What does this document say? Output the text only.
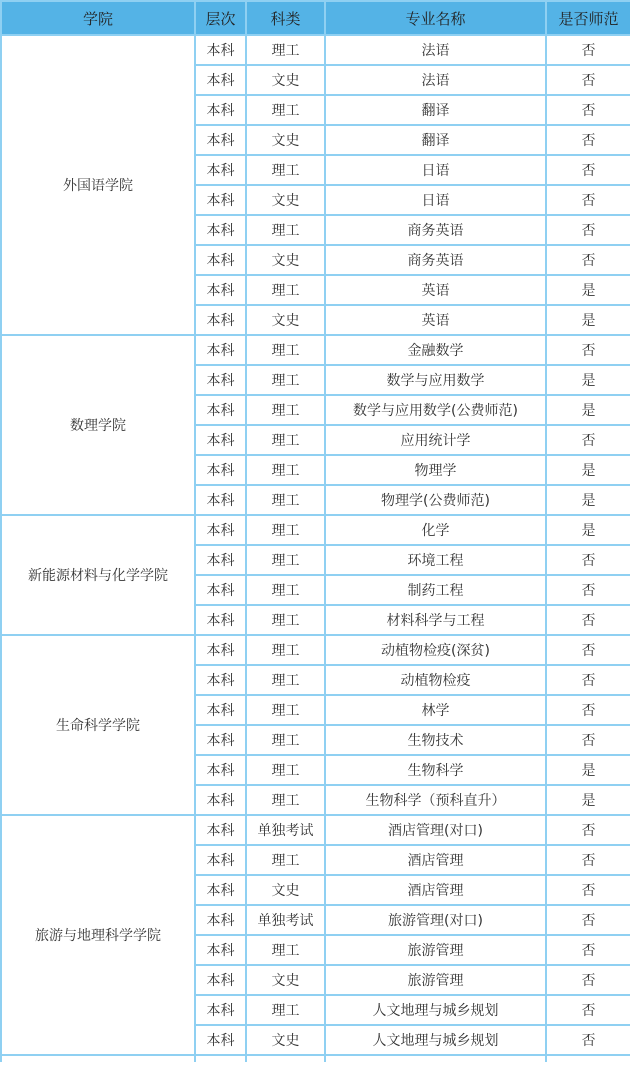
学院	层次	科类	专业名称	是否师范
外国语学院	本科	理工	法语	否
	本科	文史	法语	否
	本科	理工	翻译	否
	本科	文史	翻译	否
	本科	理工	日语	否
	本科	文史	日语	否
	本科	理工	商务英语	否
	本科	文史	商务英语	否
	本科	理工	英语	是
	本科	文史	英语	是
数理学院	本科	理工	金融数学	否
	本科	理工	数学与应用数学	是
	本科	理工	数学与应用数学(公费师范)	是
	本科	理工	应用统计学	否
	本科	理工	物理学	是
	本科	理工	物理学(公费师范)	是
新能源材料与化学学院	本科	理工	化学	是
	本科	理工	环境工程	否
	本科	理工	制药工程	否
	本科	理工	材料科学与工程	否
生命科学学院	本科	理工	动植物检疫(深贫)	否
	本科	理工	动植物检疫	否
	本科	理工	林学	否
	本科	理工	生物技术	否
	本科	理工	生物科学	是
	本科	理工	生物科学（预科直升）	是
旅游与地理科学学院	本科	单独考试	酒店管理(对口)	否
	本科	理工	酒店管理	否
	本科	文史	酒店管理	否
	本科	单独考试	旅游管理(对口)	否
	本科	理工	旅游管理	否
	本科	文史	旅游管理	否
	本科	理工	人文地理与城乡规划	否
	本科	文史	人文地理与城乡规划	否
